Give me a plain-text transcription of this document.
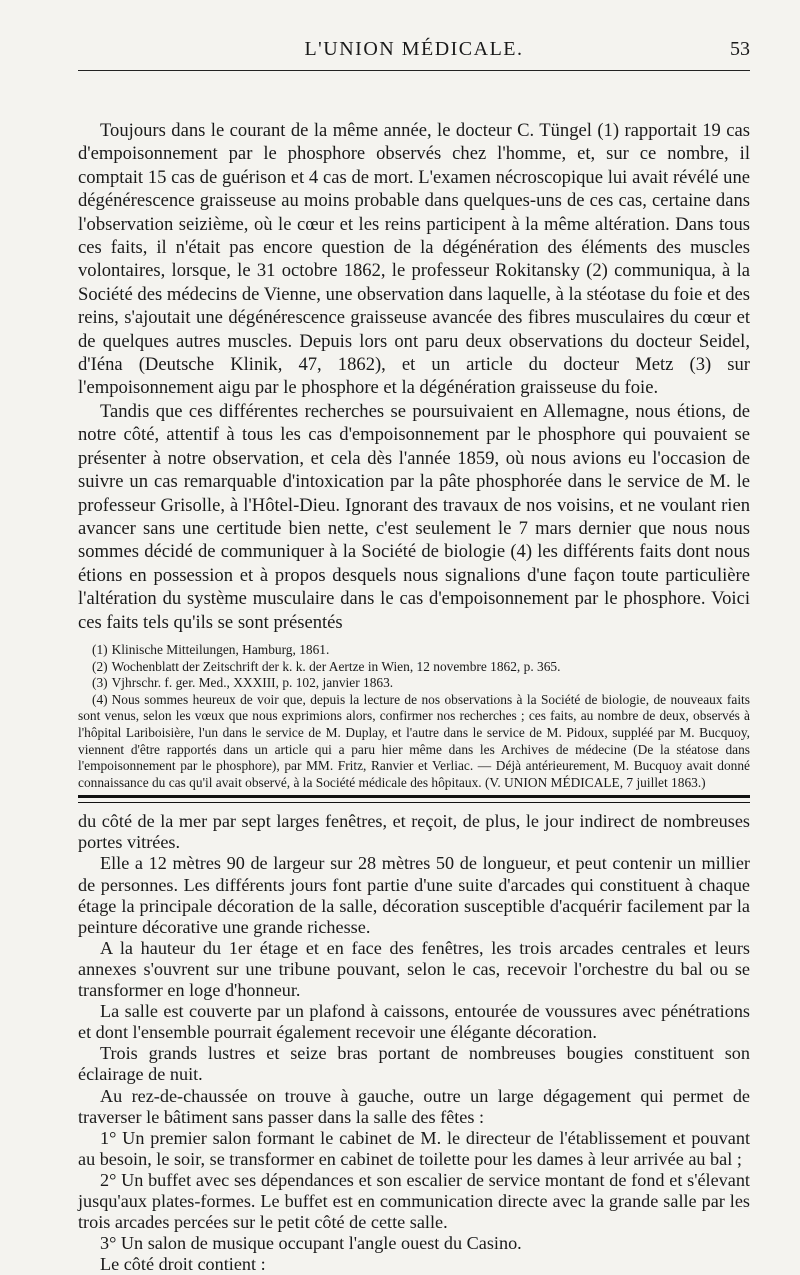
L'UNION MÉDICALE.	53

Toujours dans le courant de la même année, le docteur C. Tüngel (1) rapportait 19 cas d'empoisonnement par le phosphore observés chez l'homme, et, sur ce nombre, il comptait 15 cas de guérison et 4 cas de mort. L'examen nécroscopique lui avait révélé une dégénérescence graisseuse au moins probable dans quelques-uns de ces cas, certaine dans l'observation seizième, où le cœur et les reins participent à la même altération. Dans tous ces faits, il n'était pas encore question de la dégénération des éléments des muscles volontaires, lorsque, le 31 octobre 1862, le professeur Rokitansky (2) communiqua, à la Société des médecins de Vienne, une observation dans laquelle, à la stéotase du foie et des reins, s'ajoutait une dégénérescence graisseuse avancée des fibres musculaires du cœur et de quelques autres muscles. Depuis lors ont paru deux observations du docteur Seidel, d'Iéna (Deutsche Klinik, 47, 1862), et un article du docteur Metz (3) sur l'empoisonnement aigu par le phosphore et la dégénération graisseuse du foie.

Tandis que ces différentes recherches se poursuivaient en Allemagne, nous étions, de notre côté, attentif à tous les cas d'empoisonnement par le phosphore qui pouvaient se présenter à notre observation, et cela dès l'année 1859, où nous avions eu l'occasion de suivre un cas remarquable d'intoxication par la pâte phosphorée dans le service de M. le professeur Grisolle, à l'Hôtel-Dieu. Ignorant des travaux de nos voisins, et ne voulant rien avancer sans une certitude bien nette, c'est seulement le 7 mars dernier que nous nous sommes décidé de communiquer à la Société de biologie (4) les différents faits dont nous étions en possession et à propos desquels nous signalions d'une façon toute particulière l'altération du système musculaire dans le cas d'empoisonnement par le phosphore. Voici ces faits tels qu'ils se sont présentés

(1) Klinische Mitteilungen, Hamburg, 1861.

(2) Wochenblatt der Zeitschrift der k. k. der Aertze in Wien, 12 novembre 1862, p. 365.

(3) Vjhrschr. f. ger. Med., XXXIII, p. 102, janvier 1863.

(4) Nous sommes heureux de voir que, depuis la lecture de nos observations à la Société de biologie, de nouveaux faits sont venus, selon les vœux que nous exprimions alors, confirmer nos recherches ; ces faits, au nombre de deux, observés à l'hôpital Lariboisière, l'un dans le service de M. Duplay, et l'autre dans le service de M. Pidoux, suppléé par M. Bucquoy, viennent d'être rapportés dans un article qui a paru hier même dans les Archives de médecine (De la stéatose dans l'empoisonnement par le phosphore), par MM. Fritz, Ranvier et Verliac. — Déjà antérieurement, M. Bucquoy avait donné connaissance du cas qu'il avait observé, à la Société médicale des hôpitaux. (V. UNION MÉDICALE, 7 juillet 1863.)

du côté de la mer par sept larges fenêtres, et reçoit, de plus, le jour indirect de nombreuses portes vitrées.

Elle a 12 mètres 90 de largeur sur 28 mètres 50 de longueur, et peut contenir un millier de personnes. Les différents jours font partie d'une suite d'arcades qui constituent à chaque étage la principale décoration de la salle, décoration susceptible d'acquérir facilement par la peinture décorative une grande richesse.

A la hauteur du 1er étage et en face des fenêtres, les trois arcades centrales et leurs annexes s'ouvrent sur une tribune pouvant, selon le cas, recevoir l'orchestre du bal ou se transformer en loge d'honneur.

La salle est couverte par un plafond à caissons, entourée de voussures avec pénétrations et dont l'ensemble pourrait également recevoir une élégante décoration.

Trois grands lustres et seize bras portant de nombreuses bougies constituent son éclairage de nuit.

Au rez-de-chaussée on trouve à gauche, outre un large dégagement qui permet de traverser le bâtiment sans passer dans la salle des fêtes :

1° Un premier salon formant le cabinet de M. le directeur de l'établissement et pouvant au besoin, le soir, se transformer en cabinet de toilette pour les dames à leur arrivée au bal ;

2° Un buffet avec ses dépendances et son escalier de service montant de fond et s'élevant jusqu'aux plates-formes. Le buffet est en communication directe avec la grande salle par les trois arcades percées sur le petit côté de cette salle.

3° Un salon de musique occupant l'angle ouest du Casino.

Le côté droit contient :
